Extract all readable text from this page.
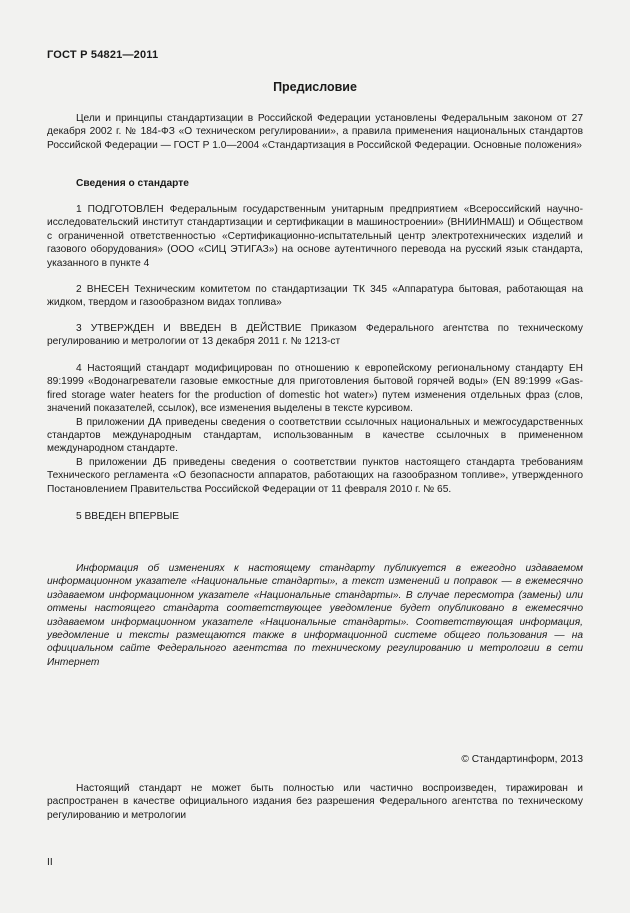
ГОСТ Р 54821—2011
Предисловие

Цели и принципы стандартизации в Российской Федерации установлены Федеральным законом от 27 декабря 2002 г. № 184-ФЗ «О техническом регулировании», а правила применения национальных стандартов Российской Федерации — ГОСТ Р 1.0—2004 «Стандартизация в Российской Федерации. Основные положения»

Сведения о стандарте

1 ПОДГОТОВЛЕН Федеральным государственным унитарным предприятием «Всероссийский научно-исследовательский институт стандартизации и сертификации в машиностроении» (ВНИИНМАШ) и Обществом с ограниченной ответственностью «Сертификационно-испытательный центр электротехнических изделий и газового оборудования» (ООО «СИЦ ЭТИГАЗ») на основе аутентичного перевода на русский язык стандарта, указанного в пункте 4

2 ВНЕСЕН Техническим комитетом по стандартизации ТК 345 «Аппаратура бытовая, работающая на жидком, твердом и газообразном видах топлива»

3 УТВЕРЖДЕН И ВВЕДЕН В ДЕЙСТВИЕ Приказом Федерального агентства по техническому регулированию и метрологии от 13 декабря 2011 г. № 1213-ст

4 Настоящий стандарт модифицирован по отношению к европейскому региональному стандарту ЕН 89:1999 «Водонагреватели газовые емкостные для приготовления бытовой горячей воды» (EN 89:1999 «Gas-fired storage water heaters for the production of domestic hot water») путем изменения отдельных фраз (слов, значений показателей, ссылок), все изменения выделены в тексте курсивом.

В приложении ДА приведены сведения о соответствии ссылочных национальных и межгосударственных стандартов международным стандартам, использованным в качестве ссылочных в примененном международном стандарте.

В приложении ДБ приведены сведения о соответствии пунктов настоящего стандарта требованиям Технического регламента «О безопасности аппаратов, работающих на газообразном топливе», утвержденного Постановлением Правительства Российской Федерации от 11 февраля 2010 г. № 65.

5 ВВЕДЕН ВПЕРВЫЕ

Информация об изменениях к настоящему стандарту публикуется в ежегодно издаваемом информационном указателе «Национальные стандарты», а текст изменений и поправок — в ежемесячно издаваемом информационном указателе «Национальные стандарты». В случае пересмотра (замены) или отмены настоящего стандарта соответствующее уведомление будет опубликовано в ежемесячно издаваемом информационном указателе «Национальные стандарты». Соответствующая информация, уведомление и тексты размещаются также в информационной системе общего пользования — на официальном сайте Федерального агентства по техническому регулированию и метрологии в сети Интернет

© Стандартинформ, 2013

Настоящий стандарт не может быть полностью или частично воспроизведен, тиражирован и распространен в качестве официального издания без разрешения Федерального агентства по техническому регулированию и метрологии

II
